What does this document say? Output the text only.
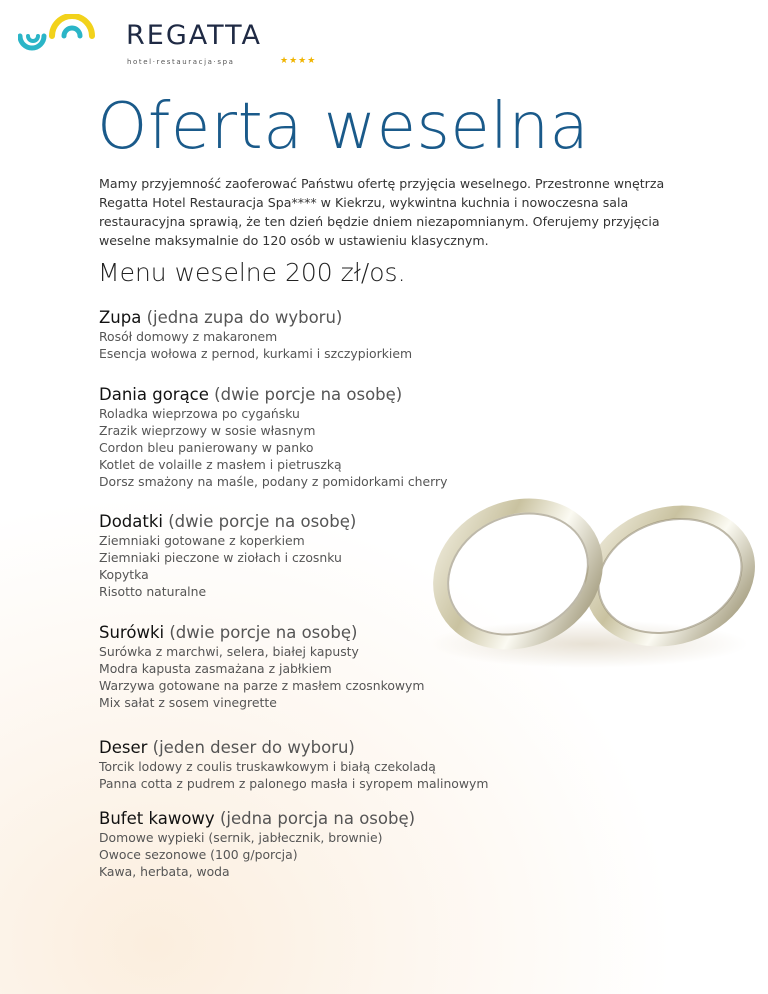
REGATTA
hotel·restauracja·spa	★★★★
Oferta weselna

Mamy przyjemność zaoferować Państwu ofertę przyjęcia weselnego. Przestronne wnętrza Regatta Hotel Restauracja Spa**** w Kiekrzu, wykwintna kuchnia i nowoczesna sala restauracyjna sprawią, że ten dzień będzie dniem niezapomnianym. Oferujemy przyjęcia weselne maksymalnie do 120 osób w ustawieniu klasycznym.

Menu weselne 200 zł/os.
Zupa (jedna zupa do wyboru)
Rosół domowy z makaronem
Esencja wołowa z pernod, kurkami i szczypiorkiem
Dania gorące (dwie porcje na osobę)
Roladka wieprzowa po cygańsku
Zrazik wieprzowy w sosie własnym
Cordon bleu panierowany w panko
Kotlet de volaille z masłem i pietruszką
Dorsz smażony na maśle, podany z pomidorkami cherry
Dodatki (dwie porcje na osobę)
Ziemniaki gotowane z koperkiem
Ziemniaki pieczone w ziołach i czosnku
Kopytka
Risotto naturalne
Surówki (dwie porcje na osobę)
Surówka z marchwi, selera, białej kapusty
Modra kapusta zasmażana z jabłkiem
Warzywa gotowane na parze z masłem czosnkowym
Mix sałat z sosem vinegrette
Deser (jeden deser do wyboru)
Torcik lodowy z coulis truskawkowym i białą czekoladą
Panna cotta z pudrem z palonego masła i syropem malinowym
Bufet kawowy (jedna porcja na osobę)
Domowe wypieki (sernik, jabłecznik, brownie)
Owoce sezonowe (100 g/porcja)
Kawa, herbata, woda
